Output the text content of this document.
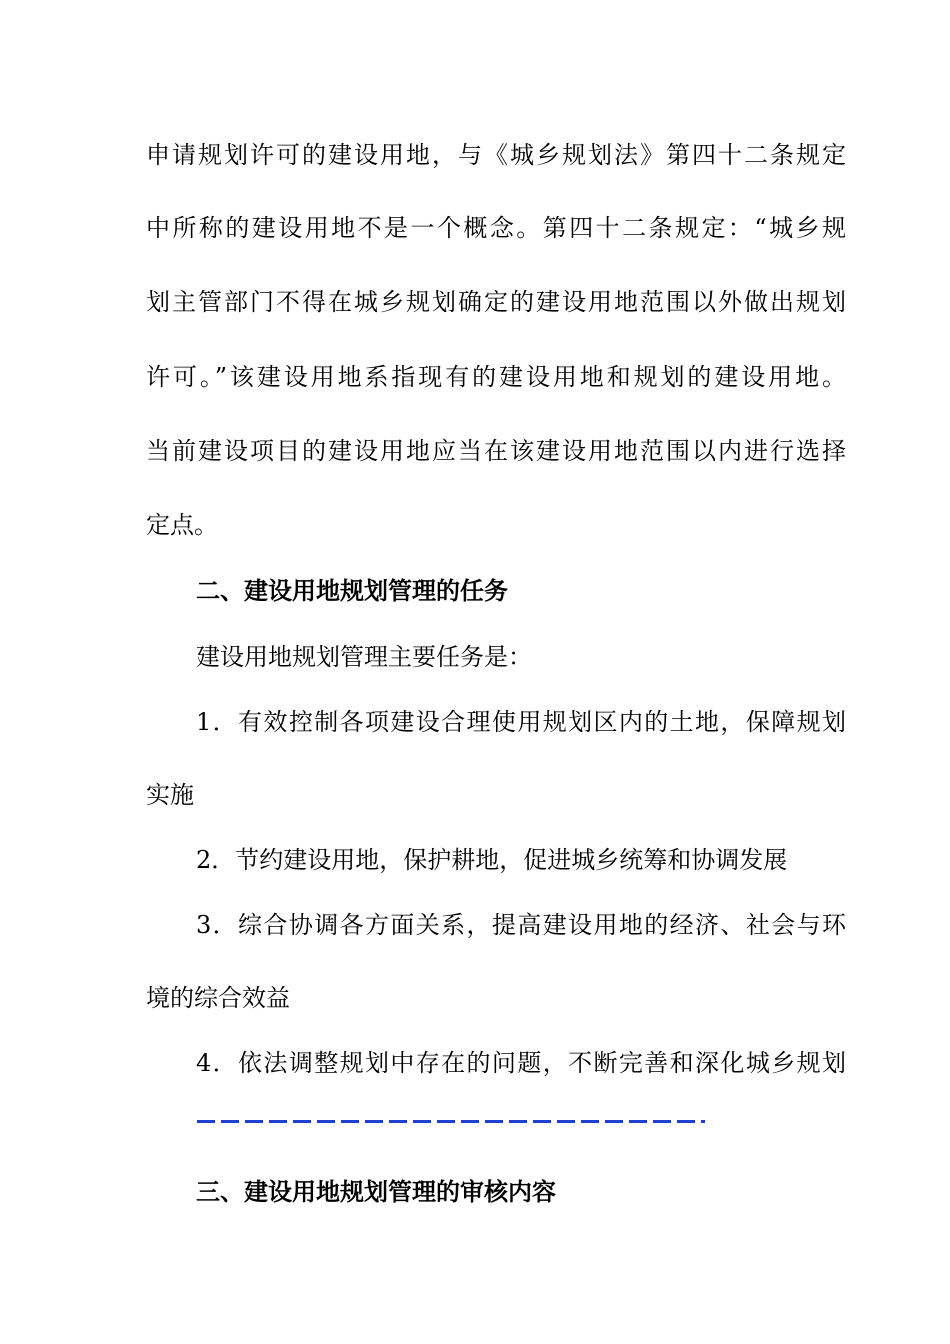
申请规划许可的建设用地，与《城乡规划法》第四十二条规定
中所称的建设用地不是一个概念。第四十二条规定：“城乡规
划主管部门不得在城乡规划确定的建设用地范围以外做出规划
许可。”该建设用地系指现有的建设用地和规划的建设用地。
当前建设项目的建设用地应当在该建设用地范围以内进行选择
定点。
二、建设用地规划管理的任务
建设用地规划管理主要任务是：
1．有效控制各项建设合理使用规划区内的土地，保障规划
实施
2．节约建设用地，保护耕地，促进城乡统筹和协调发展
3．综合协调各方面关系，提高建设用地的经济、社会与环
境的综合效益
4．依法调整规划中存在的问题，不断完善和深化城乡规划
三、建设用地规划管理的审核内容
